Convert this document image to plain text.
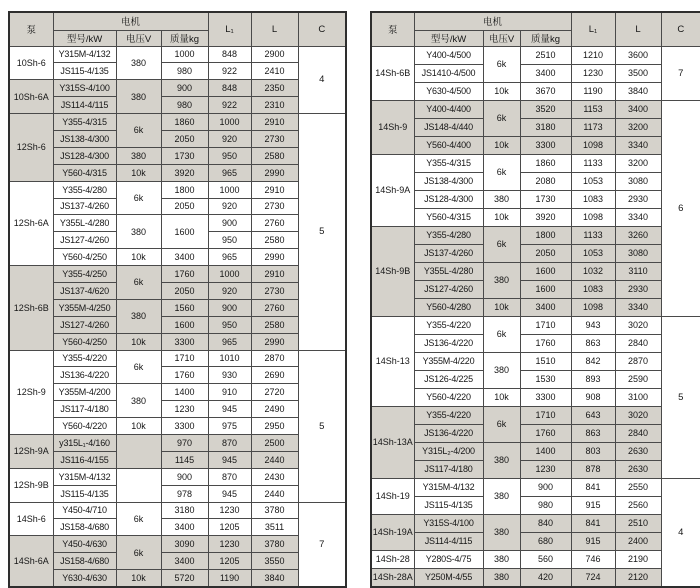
泵	电机			L₁	L	C
	型号/kW	电压V	质量kg			
10Sh-6	Y315M-4/132	380	1000	848	2900	4
	JS115-4/135		980	922	2410	
10Sh-6A	Y315S-4/100	380	900	848	2350	
	JS114-4/115		980	922	2310	
12Sh-6	Y355-4/315	6k	1860	1000	2910	5
	JS138-4/300		2050	920	2730	
	JS128-4/300	380	1730	950	2580	
	Y560-4/315	10k	3920	965	2990	
12Sh-6A	Y355-4/280	6k	1800	1000	2910	
	JS137-4/260		2050	920	2730	
	Y355L-4/280	380	1600	900	2760	
	JS127-4/260			950	2580	
	Y560-4/250	10k	3400	965	2990	
12Sh-6B	Y355-4/250	6k	1760	1000	2910	
	JS137-4/620		2050	920	2730	
	Y355M-4/250	380	1560	900	2760	
	JS127-4/260		1600	950	2580	
	Y560-4/250	10k	3300	965	2990	
12Sh-9	Y355-4/220	6k	1710	1010	2870	5
	JS136-4/220		1760	930	2690	
	Y355M-4/200	380	1400	910	2720	
	JS117-4/180		1230	945	2490	
	Y560-4/220	10k	3300	975	2950	
12Sh-9A	y315L₁-4/160		970	870	2500	
	JS116-4/155		1145	945	2440	
12Sh-9B	Y315M-4/132		900	870	2430	
	JS115-4/135		978	945	2440	
14Sh-6	Y450-4/710	6k	3180	1230	3780	7
	JS158-4/680		3400	1205	3511	
14Sh-6A	Y450-4/630	6k	3090	1230	3780	
	JS158-4/680		3400	1205	3550	
	Y630-4/630	10k	5720	1190	3840	
泵	电机			L₁	L	C
	型号/kW	电压V	质量kg			
14Sh-6B	Y400-4/500	6k	2510	1210	3600	7
	JS1410-4/500		3400	1230	3500	
	Y630-4/500	10k	3670	1190	3840	
14Sh-9	Y400-4/400	6k	3520	1153	3400	6
	JS148-4/440		3180	1173	3200	
	Y560-4/400	10k	3300	1098	3340	
14Sh-9A	Y355-4/315	6k	1860	1133	3200	
	JS138-4/300		2080	1053	3080	
	JS128-4/300	380	1730	1083	2930	
	Y560-4/315	10k	3920	1098	3340	
14Sh-9B	Y355-4/280	6k	1800	1133	3260	
	JS137-4/260		2050	1053	3080	
	Y355L-4/280	380	1600	1032	3110	
	JS127-4/260		1600	1083	2930	
	Y560-4/280	10k	3400	1098	3340	
14Sh-13	Y355-4/220	6k	1710	943	3020	5
	JS136-4/220		1760	863	2840	
	Y355M-4/220	380	1510	842	2870	
	JS126-4/225		1530	893	2590	
	Y560-4/220	10k	3300	908	3100	
14Sh-13A	Y355-4/220	6k	1710	643	3020	
	JS136-4/220		1760	863	2840	
	Y315L₂-4/200	380	1400	803	2630	
	JS117-4/180		1230	878	2630	
14Sh-19	Y315M-4/132	380	900	841	2550	4
	JS115-4/135		980	915	2560	
14Sh-19A	Y315S-4/100	380	840	841	2510	
	JS114-4/115		680	915	2400	
14Sh-28	Y280S-4/75	380	560	746	2190	
14Sh-28A	Y250M-4/55	380	420	724	2120	
